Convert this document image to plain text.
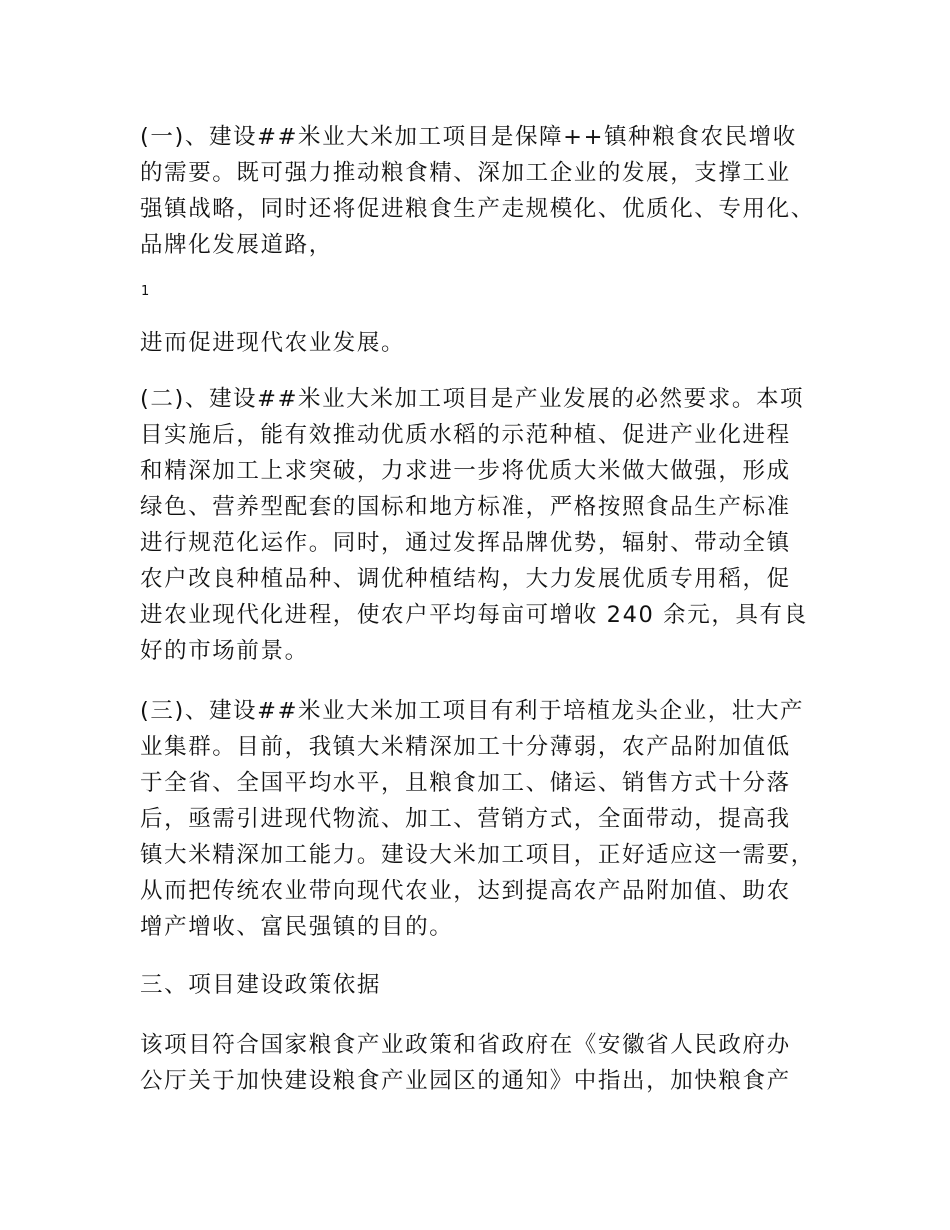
(一)、建设##米业大米加工项目是保障++镇种粮食农民增收
的需要。既可强力推动粮食精、深加工企业的发展，支撑工业
强镇战略，同时还将促进粮食生产走规模化、优质化、专用化、
品牌化发展道路，
1
进而促进现代农业发展。
(二)、建设##米业大米加工项目是产业发展的必然要求。本项
目实施后，能有效推动优质水稻的示范种植、促进产业化进程
和精深加工上求突破，力求进一步将优质大米做大做强，形成
绿色、营养型配套的国标和地方标准，严格按照食品生产标准
进行规范化运作。同时，通过发挥品牌优势，辐射、带动全镇
农户改良种植品种、调优种植结构，大力发展优质专用稻，促
进农业现代化进程，使农户平均每亩可增收 240 余元，具有良
好的市场前景。
(三)、建设##米业大米加工项目有利于培植龙头企业，壮大产
业集群。目前，我镇大米精深加工十分薄弱，农产品附加值低
于全省、全国平均水平，且粮食加工、储运、销售方式十分落
后，亟需引进现代物流、加工、营销方式，全面带动，提高我
镇大米精深加工能力。建设大米加工项目，正好适应这一需要，
从而把传统农业带向现代农业，达到提高农产品附加值、助农
增产增收、富民强镇的目的。
三、项目建设政策依据
该项目符合国家粮食产业政策和省政府在《安徽省人民政府办
公厅关于加快建设粮食产业园区的通知》中指出，加快粮食产
